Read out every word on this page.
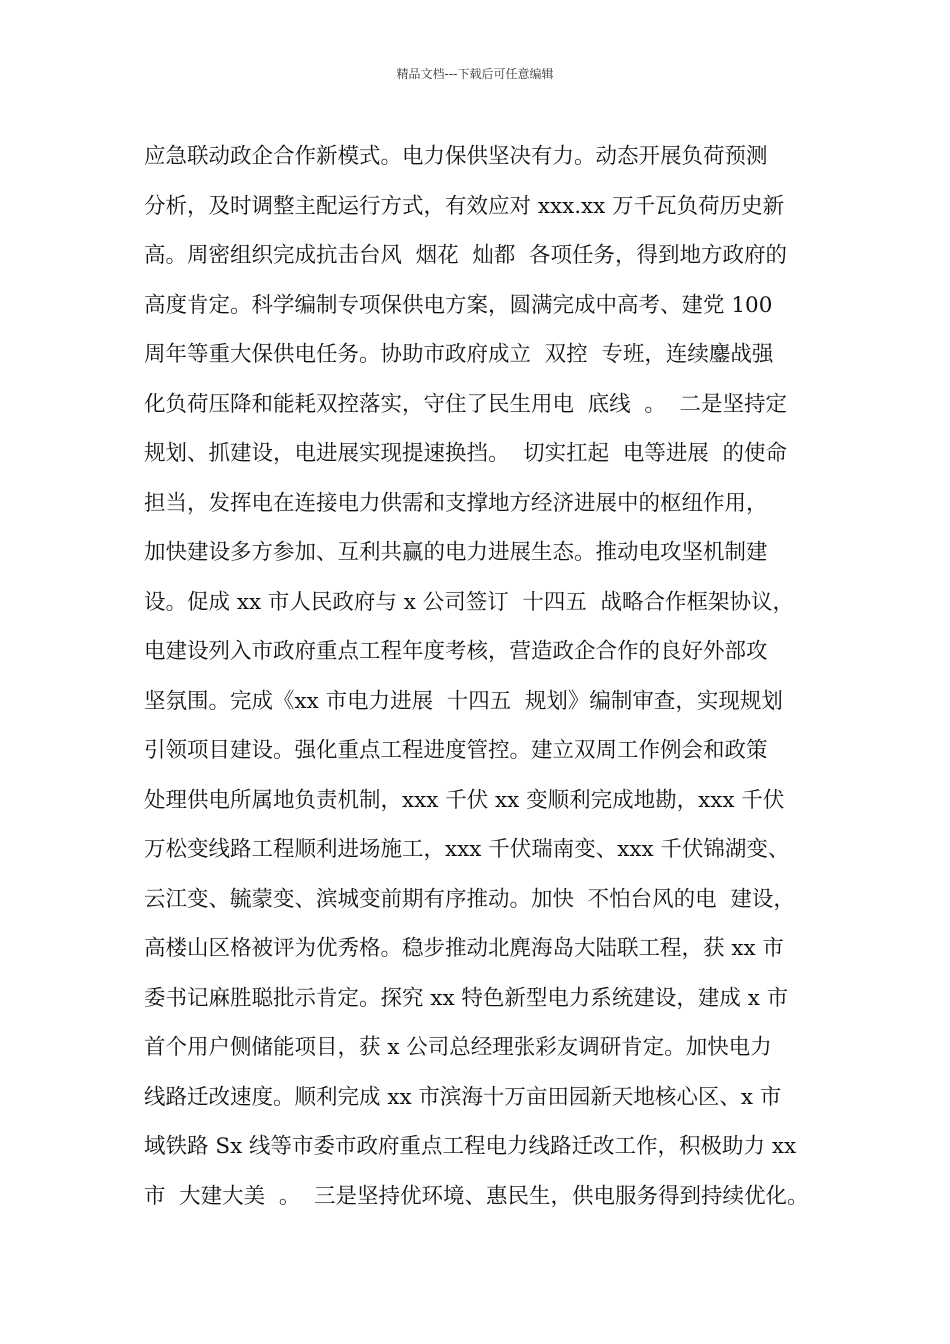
精品文档---下载后可任意编辑
应急联动政企合作新模式。电力保供坚决有力。动态开展负荷预测
分析，及时调整主配运行方式，有效应对 xxx.xx 万千瓦负荷历史新
高。周密组织完成抗击台风  烟花  灿都  各项任务，得到地方政府的
高度肯定。科学编制专项保供电方案，圆满完成中高考、建党 100
周年等重大保供电任务。协助市政府成立  双控  专班，连续鏖战强
化负荷压降和能耗双控落实，守住了民生用电  底线  。  二是坚持定
规划、抓建设，电进展实现提速换挡。  切实扛起  电等进展  的使命
担当，发挥电在连接电力供需和支撑地方经济进展中的枢纽作用，
加快建设多方参加、互利共赢的电力进展生态。推动电攻坚机制建
设。促成 xx 市人民政府与 x 公司签订  十四五  战略合作框架协议，
电建设列入市政府重点工程年度考核，营造政企合作的良好外部攻
坚氛围。完成《xx 市电力进展  十四五  规划》编制审查，实现规划
引领项目建设。强化重点工程进度管控。建立双周工作例会和政策
处理供电所属地负责机制，xxx 千伏 xx 变顺利完成地勘，xxx 千伏
万松变线路工程顺利进场施工，xxx 千伏瑞南变、xxx 千伏锦湖变、
云江变、毓蒙变、滨城变前期有序推动。加快  不怕台风的电  建设，
高楼山区格被评为优秀格。稳步推动北麂海岛大陆联工程，获 xx 市
委书记麻胜聪批示肯定。探究 xx 特色新型电力系统建设，建成 x 市
首个用户侧储能项目，获 x 公司总经理张彩友调研肯定。加快电力
线路迁改速度。顺利完成 xx 市滨海十万亩田园新天地核心区、x 市
域铁路 Sx 线等市委市政府重点工程电力线路迁改工作，积极助力 xx
市  大建大美  。  三是坚持优环境、惠民生，供电服务得到持续优化。
